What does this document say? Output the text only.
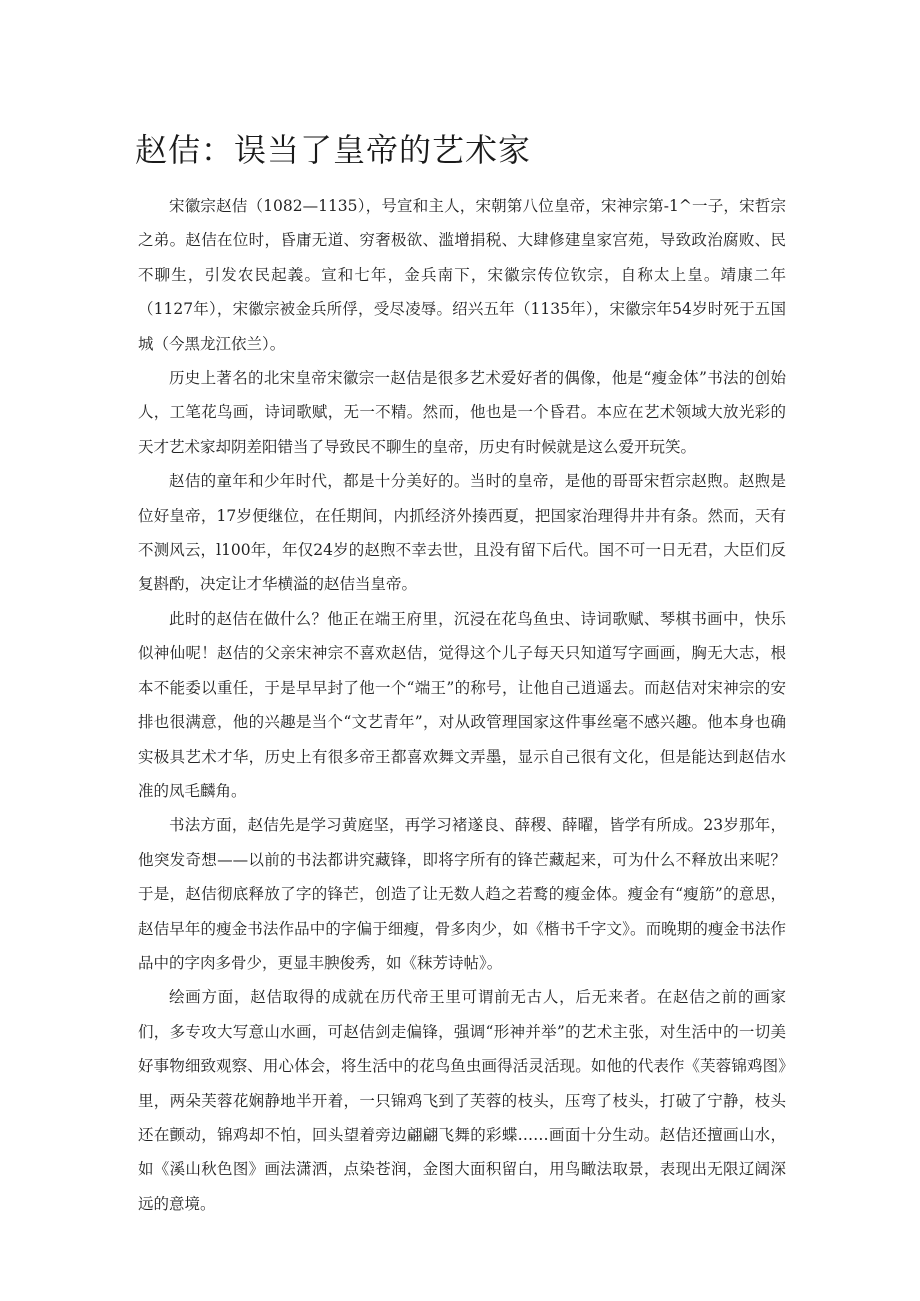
赵佶：误当了皇帝的艺术家

宋徽宗赵佶（1082—1135），号宣和主人，宋朝第八位皇帝，宋神宗第-1^一子，宋哲宗之弟。赵佶在位时，昏庸无道、穷奢极欲、滥增捐税、大肆修建皇家宫苑，导致政治腐败、民不聊生，引发农民起義。宣和七年，金兵南下，宋徽宗传位钦宗，自称太上皇。靖康二年（1127年），宋徽宗被金兵所俘，受尽凌辱。绍兴五年（1135年），宋徽宗年54岁时死于五国城（今黑龙江依兰）。

历史上著名的北宋皇帝宋徽宗一赵佶是很多艺术爱好者的偶像，他是“瘦金体”书法的创始人，工笔花鸟画，诗词歌赋，无一不精。然而，他也是一个昏君。本应在艺术领域大放光彩的天才艺术家却阴差阳错当了导致民不聊生的皇帝，历史有时候就是这么爱开玩笑。

赵佶的童年和少年时代，都是十分美好的。当时的皇帝，是他的哥哥宋哲宗赵煦。赵煦是位好皇帝，17岁便继位，在任期间，内抓经济外揍西夏，把国家治理得井井有条。然而，天有不测风云，l100年，年仅24岁的赵煦不幸去世，且没有留下后代。国不可一日无君，大臣们反复斟酌，决定让才华横溢的赵佶当皇帝。

此时的赵佶在做什么？他正在端王府里，沉浸在花鸟鱼虫、诗词歌赋、琴棋书画中，快乐似神仙呢！赵佶的父亲宋神宗不喜欢赵佶，觉得这个儿子每天只知道写字画画，胸无大志，根本不能委以重任，于是早早封了他一个“端王”的称号，让他自己逍遥去。而赵佶对宋神宗的安排也很满意，他的兴趣是当个“文艺青年”，对从政管理国家这件事丝毫不感兴趣。他本身也确实极具艺术才华，历史上有很多帝王都喜欢舞文弄墨，显示自己很有文化，但是能达到赵佶水准的凤毛麟角。

书法方面，赵佶先是学习黄庭坚，再学习褚遂良、薛稷、薛曜，皆学有所成。23岁那年，他突发奇想——以前的书法都讲究藏锋，即将字所有的锋芒藏起来，可为什么不释放出来呢？于是，赵佶彻底释放了字的锋芒，创造了让无数人趋之若鹜的瘦金体。瘦金有“瘦筋”的意思，赵佶早年的瘦金书法作品中的字偏于细瘦，骨多肉少，如《楷书千字文》。而晚期的瘦金书法作品中的字肉多骨少，更显丰腴俊秀，如《秣芳诗帖》。

绘画方面，赵佶取得的成就在历代帝王里可谓前无古人，后无来者。在赵佶之前的画家们，多专攻大写意山水画，可赵佶剑走偏锋，强调“形神并举”的艺术主张，对生活中的一切美好事物细致观察、用心体会，将生活中的花鸟鱼虫画得活灵活现。如他的代表作《芙蓉锦鸡图》里，两朵芙蓉花娴静地半开着，一只锦鸡飞到了芙蓉的枝头，压弯了枝头，打破了宁静，枝头还在颤动，锦鸡却不怕，回头望着旁边翩翩飞舞的彩蝶……画面十分生动。赵佶还擅画山水，如《溪山秋色图》画法潇洒，点染苍润，金图大面积留白，用鸟瞰法取景，表现出无限辽阔深远的意境。
